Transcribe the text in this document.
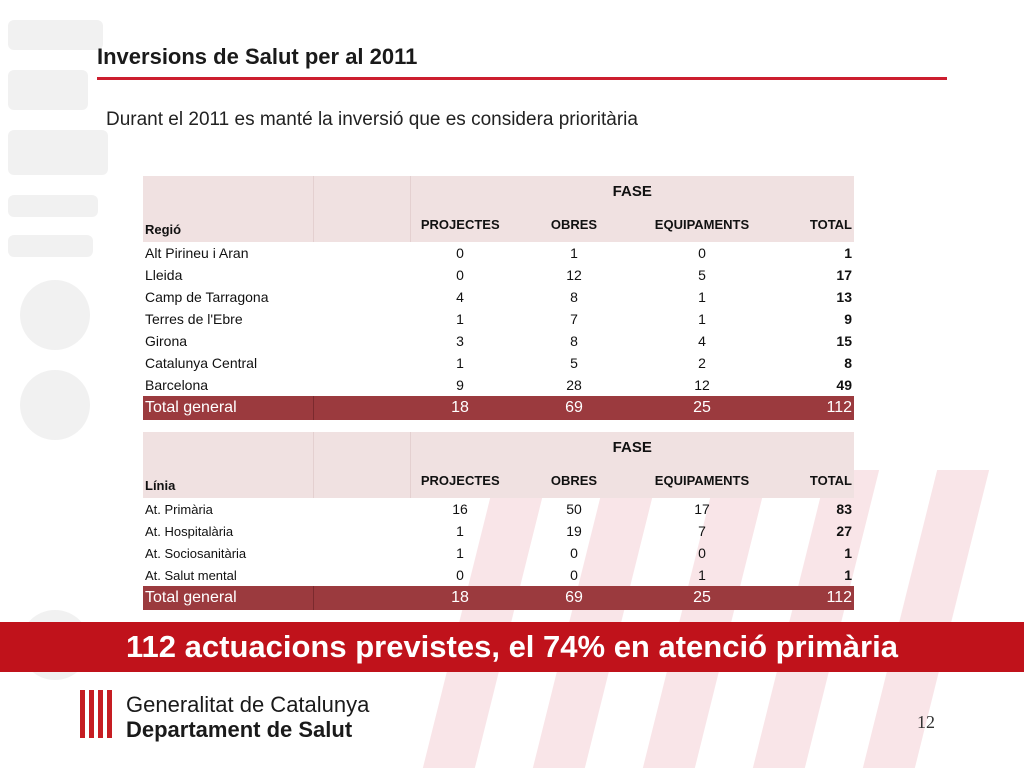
Inversions de Salut per al 2011
Durant el 2011 es manté la inversió que es considera prioritària
Regió		FASE			
		PROJECTES	OBRES	EQUIPAMENTS	TOTAL
Alt Pirineu i Aran		0	1	0	1
Lleida		0	12	5	17
Camp de Tarragona		4	8	1	13
Terres de l'Ebre		1	7	1	9
Girona		3	8	4	15
Catalunya Central		1	5	2	8
Barcelona		9	28	12	49
Total general		18	69	25	112
Línia		FASE			
		PROJECTES	OBRES	EQUIPAMENTS	TOTAL
At. Primària		16	50	17	83
At. Hospitalària		1	19	7	27
At. Sociosanitària		1	0	0	1
At. Salut mental		0	0	1	1
Total general		18	69	25	112
112 actuacions previstes, el 74% en atenció primària
Generalitat de Catalunya
Departament de Salut	12
